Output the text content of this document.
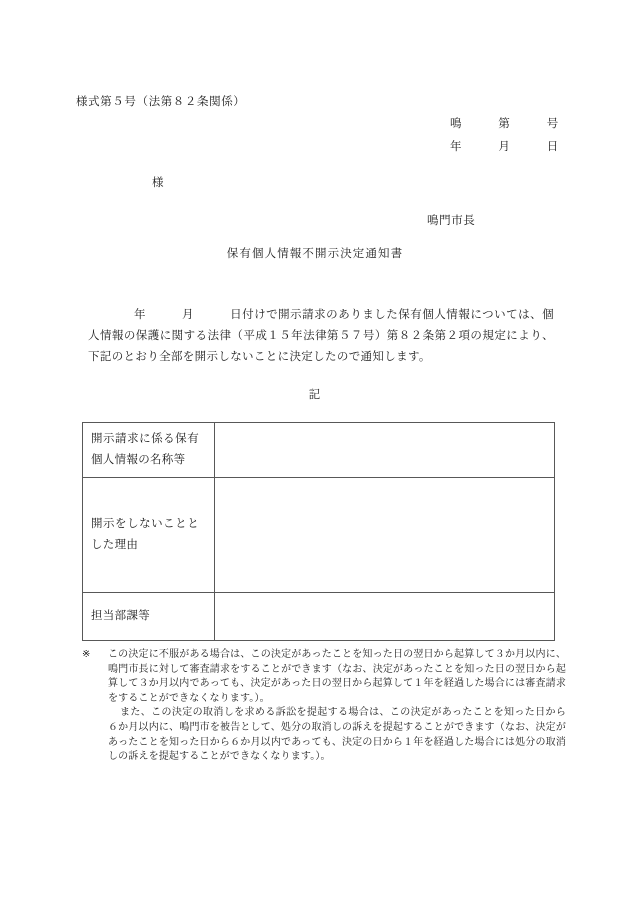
様式第５号（法第８２条関係）
鳴　　　第　　　号
年　　　月　　　日
様
鳴門市長
保有個人情報不開示決定通知書
年　　　月　　　日付けで開示請求のありました保有個人情報については、個人情報の保護に関する法律（平成１５年法律第５７号）第８２条第２項の規定により、下記のとおり全部を開示しないことに決定したので通知します。
記
開示請求に係る保有個人情報の名称等	

開示をしないこととした理由	

担当部課等	

※	この決定に不服がある場合は、この決定があったことを知った日の翌日から起算して３か月以内に、鳴門市長に対して審査請求をすることができます（なお、決定があったことを知った日の翌日から起算して３か月以内であっても、決定があった日の翌日から起算して１年を経過した場合には審査請求をすることができなくなります。）。
また、この決定の取消しを求める訴訟を提起する場合は、この決定があったことを知った日から６か月以内に、鳴門市を被告として、処分の取消しの訴えを提起することができます（なお、決定があったことを知った日から６か月以内であっても、決定の日から１年を経過した場合には処分の取消しの訴えを提起することができなくなります。）。
